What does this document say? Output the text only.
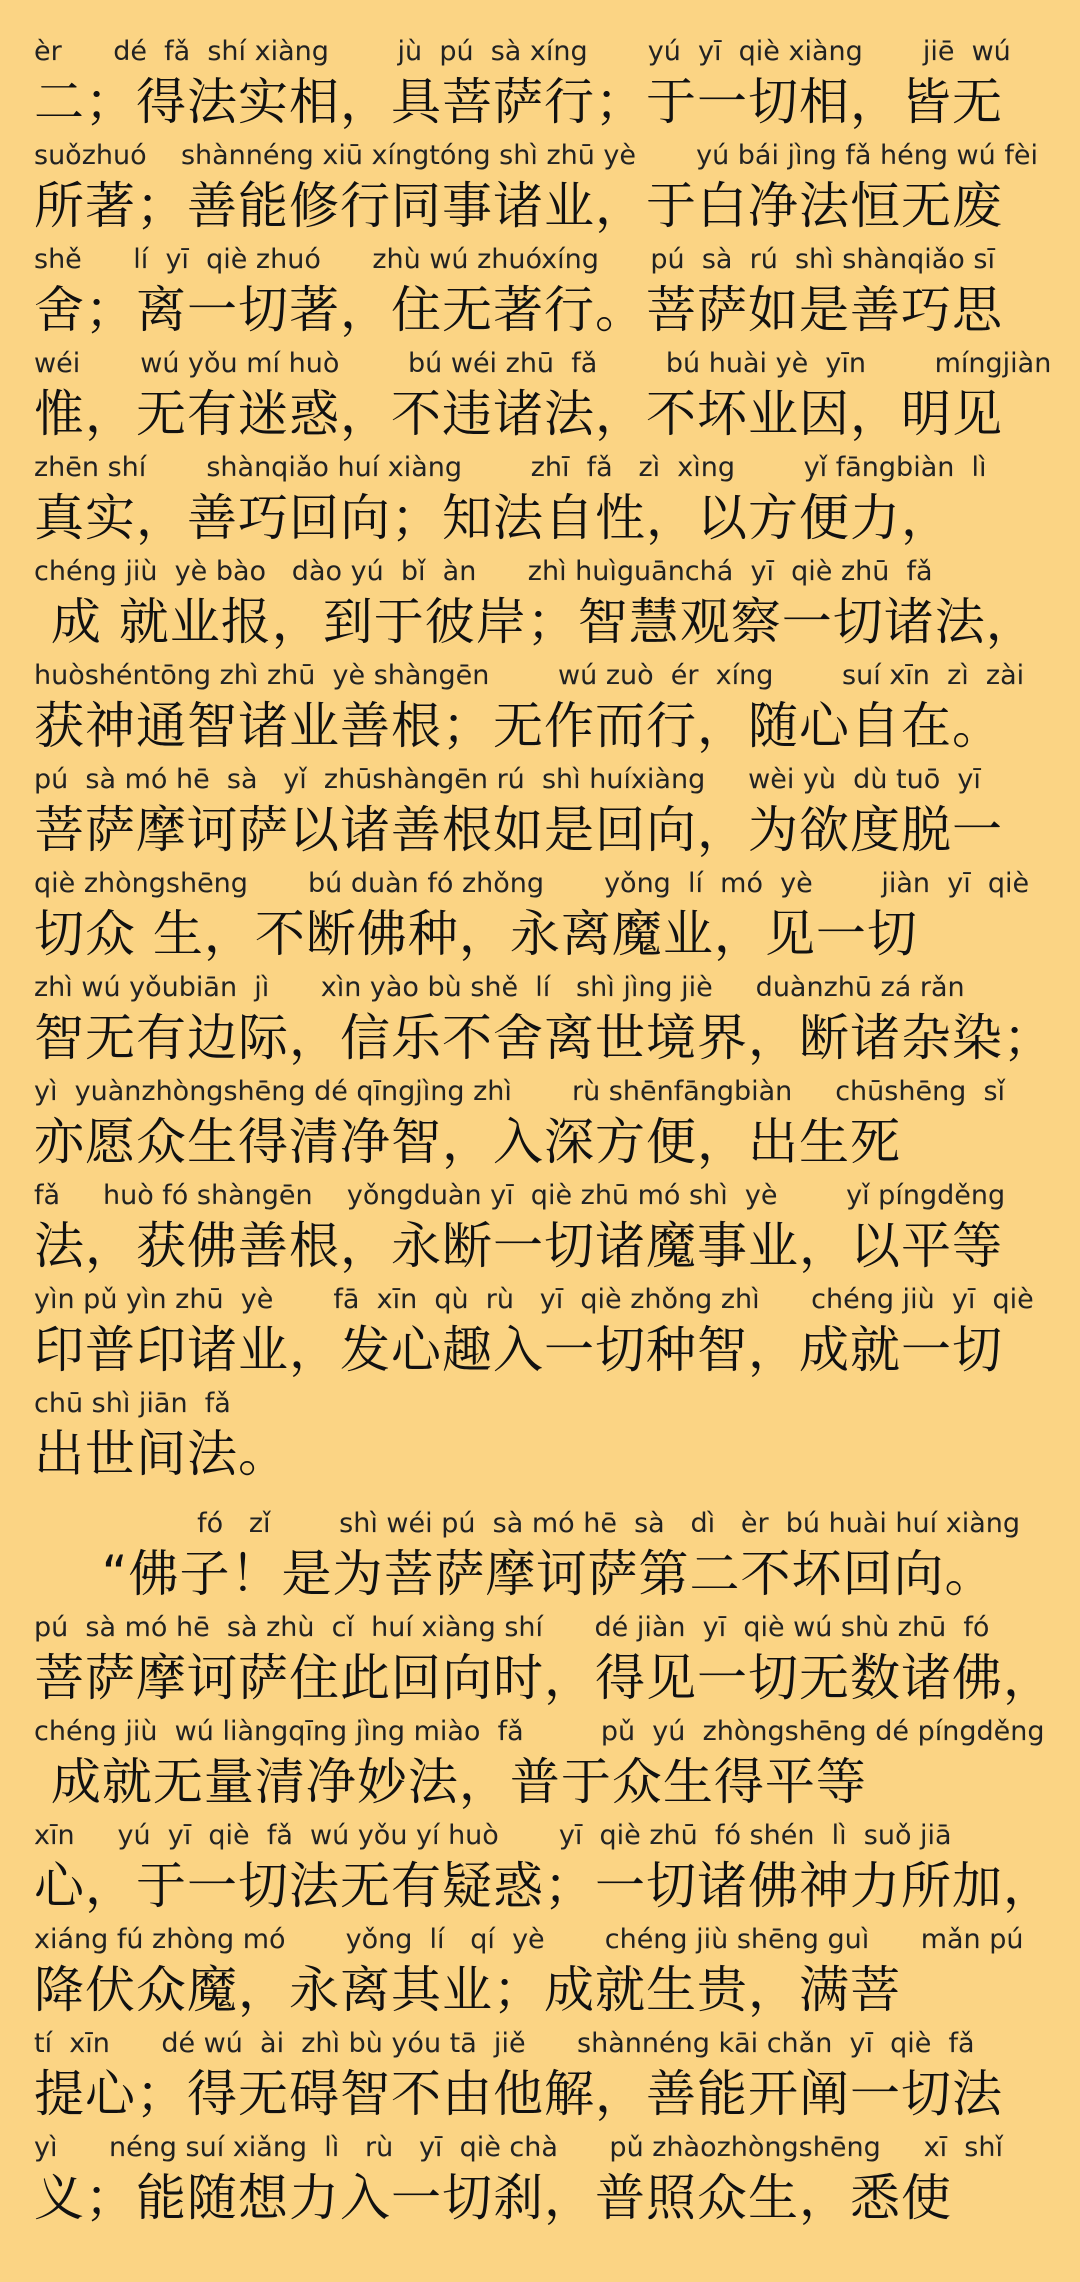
èr      dé  fǎ  shí xiàng        jù  pú  sà xíng       yú  yī  qiè xiàng       jiē  wú
二；得法实相，具菩萨行；于一切相，皆无
suǒzhuó    shànnéng xiū xíngtóng shì zhū yè       yú bái jìng fǎ héng wú fèi
所著；善能修行同事诸业，于白净法恒无废
shě      lí  yī  qiè zhuó      zhù wú zhuóxíng      pú  sà  rú  shì shànqiǎo sī
舍；离一切著，住无著行。菩萨如是善巧思
wéi       wú yǒu mí huò        bú wéi zhū  fǎ        bú huài yè  yīn        míngjiàn
惟，无有迷惑，不违诸法，不坏业因，明见
zhēn shí       shànqiǎo huí xiàng        zhī  fǎ   zì  xìng        yǐ fāngbiàn  lì
真实，善巧回向；知法自性，以方便力，
chéng jiù  yè bào   dào yú  bǐ  àn      zhì huìguānchá  yī  qiè zhū  fǎ
成 就业报，到于彼岸；智慧观察一切诸法，
huòshéntōng zhì zhū  yè shàngēn        wú zuò  ér  xíng        suí xīn  zì  zài
获神通智诸业善根；无作而行，随心自在。
pú  sà mó hē  sà   yǐ  zhūshàngēn rú  shì huíxiàng     wèi yù  dù tuō  yī
菩萨摩诃萨以诸善根如是回向，为欲度脱一
qiè zhòngshēng       bú duàn fó zhǒng       yǒng  lí  mó  yè        jiàn  yī  qiè
切众 生，不断佛种，永离魔业，见一切
zhì wú yǒubiān  jì      xìn yào bù shě  lí   shì jìng jiè     duànzhū zá rǎn
智无有边际，信乐不舍离世境界，断诸杂染；
yì  yuànzhòngshēng dé qīngjìng zhì       rù shēnfāngbiàn     chūshēng  sǐ
亦愿众生得清净智，入深方便，出生死
fǎ     huò fó shàngēn    yǒngduàn yī  qiè zhū mó shì  yè        yǐ píngděng
法，获佛善根，永断一切诸魔事业，以平等
yìn pǔ yìn zhū  yè       fā  xīn  qù  rù   yī  qiè zhǒng zhì      chéng jiù  yī  qiè
印普印诸业，发心趣入一切种智，成就一切
chū shì jiān  fǎ
出世间法。
fó   zǐ        shì wéi pú  sà mó hē  sà   dì   èr  bú huài huí xiàng
“佛子！是为菩萨摩诃萨第二不坏回向。
pú  sà mó hē  sà zhù  cǐ  huí xiàng shí      dé jiàn  yī  qiè wú shù zhū  fó
菩萨摩诃萨住此回向时，得见一切无数诸佛，
chéng jiù  wú liàngqīng jìng miào  fǎ         pǔ  yú  zhòngshēng dé píngděng
成就无量清净妙法，普于众生得平等
xīn     yú  yī  qiè  fǎ  wú yǒu yí huò       yī  qiè zhū  fó shén  lì  suǒ jiā
心，于一切法无有疑惑；一切诸佛神力所加，
xiáng fú zhòng mó       yǒng  lí   qí  yè       chéng jiù shēng guì      mǎn pú
降伏众魔，永离其业；成就生贵，满菩
tí  xīn      dé wú  ài  zhì bù yóu tā  jiě      shànnéng kāi chǎn  yī  qiè  fǎ
提心；得无碍智不由他解，善能开阐一切法
yì      néng suí xiǎng  lì   rù   yī  qiè chà      pǔ zhàozhòngshēng     xī  shǐ
义；能随想力入一切刹，普照众生，悉使
